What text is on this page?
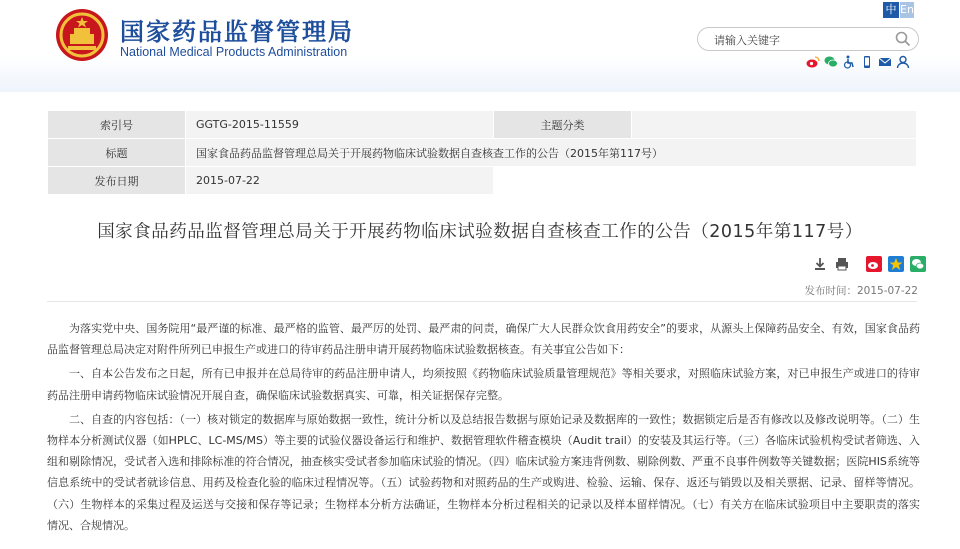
国家药品监督管理局
National Medical Products Administration
中 En
请输入关键字
索引号	GGTG-2015-11559	主题分类	
标题	国家食品药品监督管理总局关于开展药物临床试验数据自查核查工作的公告（2015年第117号）		
发布日期	2015-07-22		
国家食品药品监督管理总局关于开展药物临床试验数据自查核查工作的公告（2015年第117号）
发布时间：2015-07-22

为落实党中央、国务院用“最严谨的标准、最严格的监管、最严厉的处罚、最严肃的问责，确保广大人民群众饮食用药安全”的要求，从源头上保障药品安全、有效，国家食品药品监督管理总局决定对附件所列已申报生产或进口的待审药品注册申请开展药物临床试验数据核查。有关事宜公告如下：

一、自本公告发布之日起，所有已申报并在总局待审的药品注册申请人，均须按照《药物临床试验质量管理规范》等相关要求，对照临床试验方案，对已申报生产或进口的待审药品注册申请药物临床试验情况开展自查，确保临床试验数据真实、可靠，相关证据保存完整。

二、自查的内容包括：（一）核对锁定的数据库与原始数据一致性，统计分析以及总结报告数据与原始记录及数据库的一致性；数据锁定后是否有修改以及修改说明等。（二）生物样本分析测试仪器（如HPLC、LC-MS/MS）等主要的试验仪器设备运行和维护、数据管理软件稽查模块（Audit trail）的安装及其运行等。（三）各临床试验机构受试者筛选、入组和剔除情况，受试者入选和排除标准的符合情况，抽查核实受试者参加临床试验的情况。（四）临床试验方案违背例数、剔除例数、严重不良事件例数等关键数据；医院HIS系统等信息系统中的受试者就诊信息、用药及检查化验的临床过程情况等。（五）试验药物和对照药品的生产或购进、检验、运输、保存、返还与销毁以及相关票据、记录、留样等情况。（六）生物样本的采集过程及运送与交接和保存等记录；生物样本分析方法确证，生物样本分析过程相关的记录以及样本留样情况。（七）有关方在临床试验项目中主要职责的落实情况、合规情况。
